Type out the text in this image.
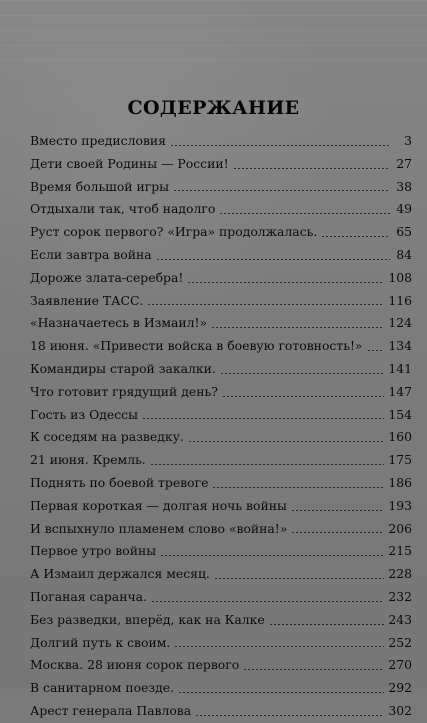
СОДЕРЖАНИЕ
Вместо предисловия	3
Дети своей Родины — России!	27
Время большой игры	38
Отдыхали так, чтоб надолго	49
Руст сорок первого? «Игра» продолжалась.	65
Если завтра война	84
Дороже злата-серебра!	108
Заявление ТАСС.	116
«Назначаетесь в Измаил!»	124
18 июня. «Привести войска в боевую готовность!» 134
Командиры старой закалки.	141
Что готовит грядущий день?	147
Гость из Одессы	154
К соседям на разведку.	160
21 июня. Кремль.	175
Поднять по боевой тревоге	186
Первая короткая — долгая ночь войны	193
И вспыхнуло пламенем слово «война!»	206
Первое утро войны	215
А Измаил держался месяц.	228
Поганая саранча.	232
Без разведки, вперёд, как на Калке	243
Долгий путь к своим.	252
Москва. 28 июня сорок первого	270
В санитарном поезде.	292
Арест генерала Павлова	302
